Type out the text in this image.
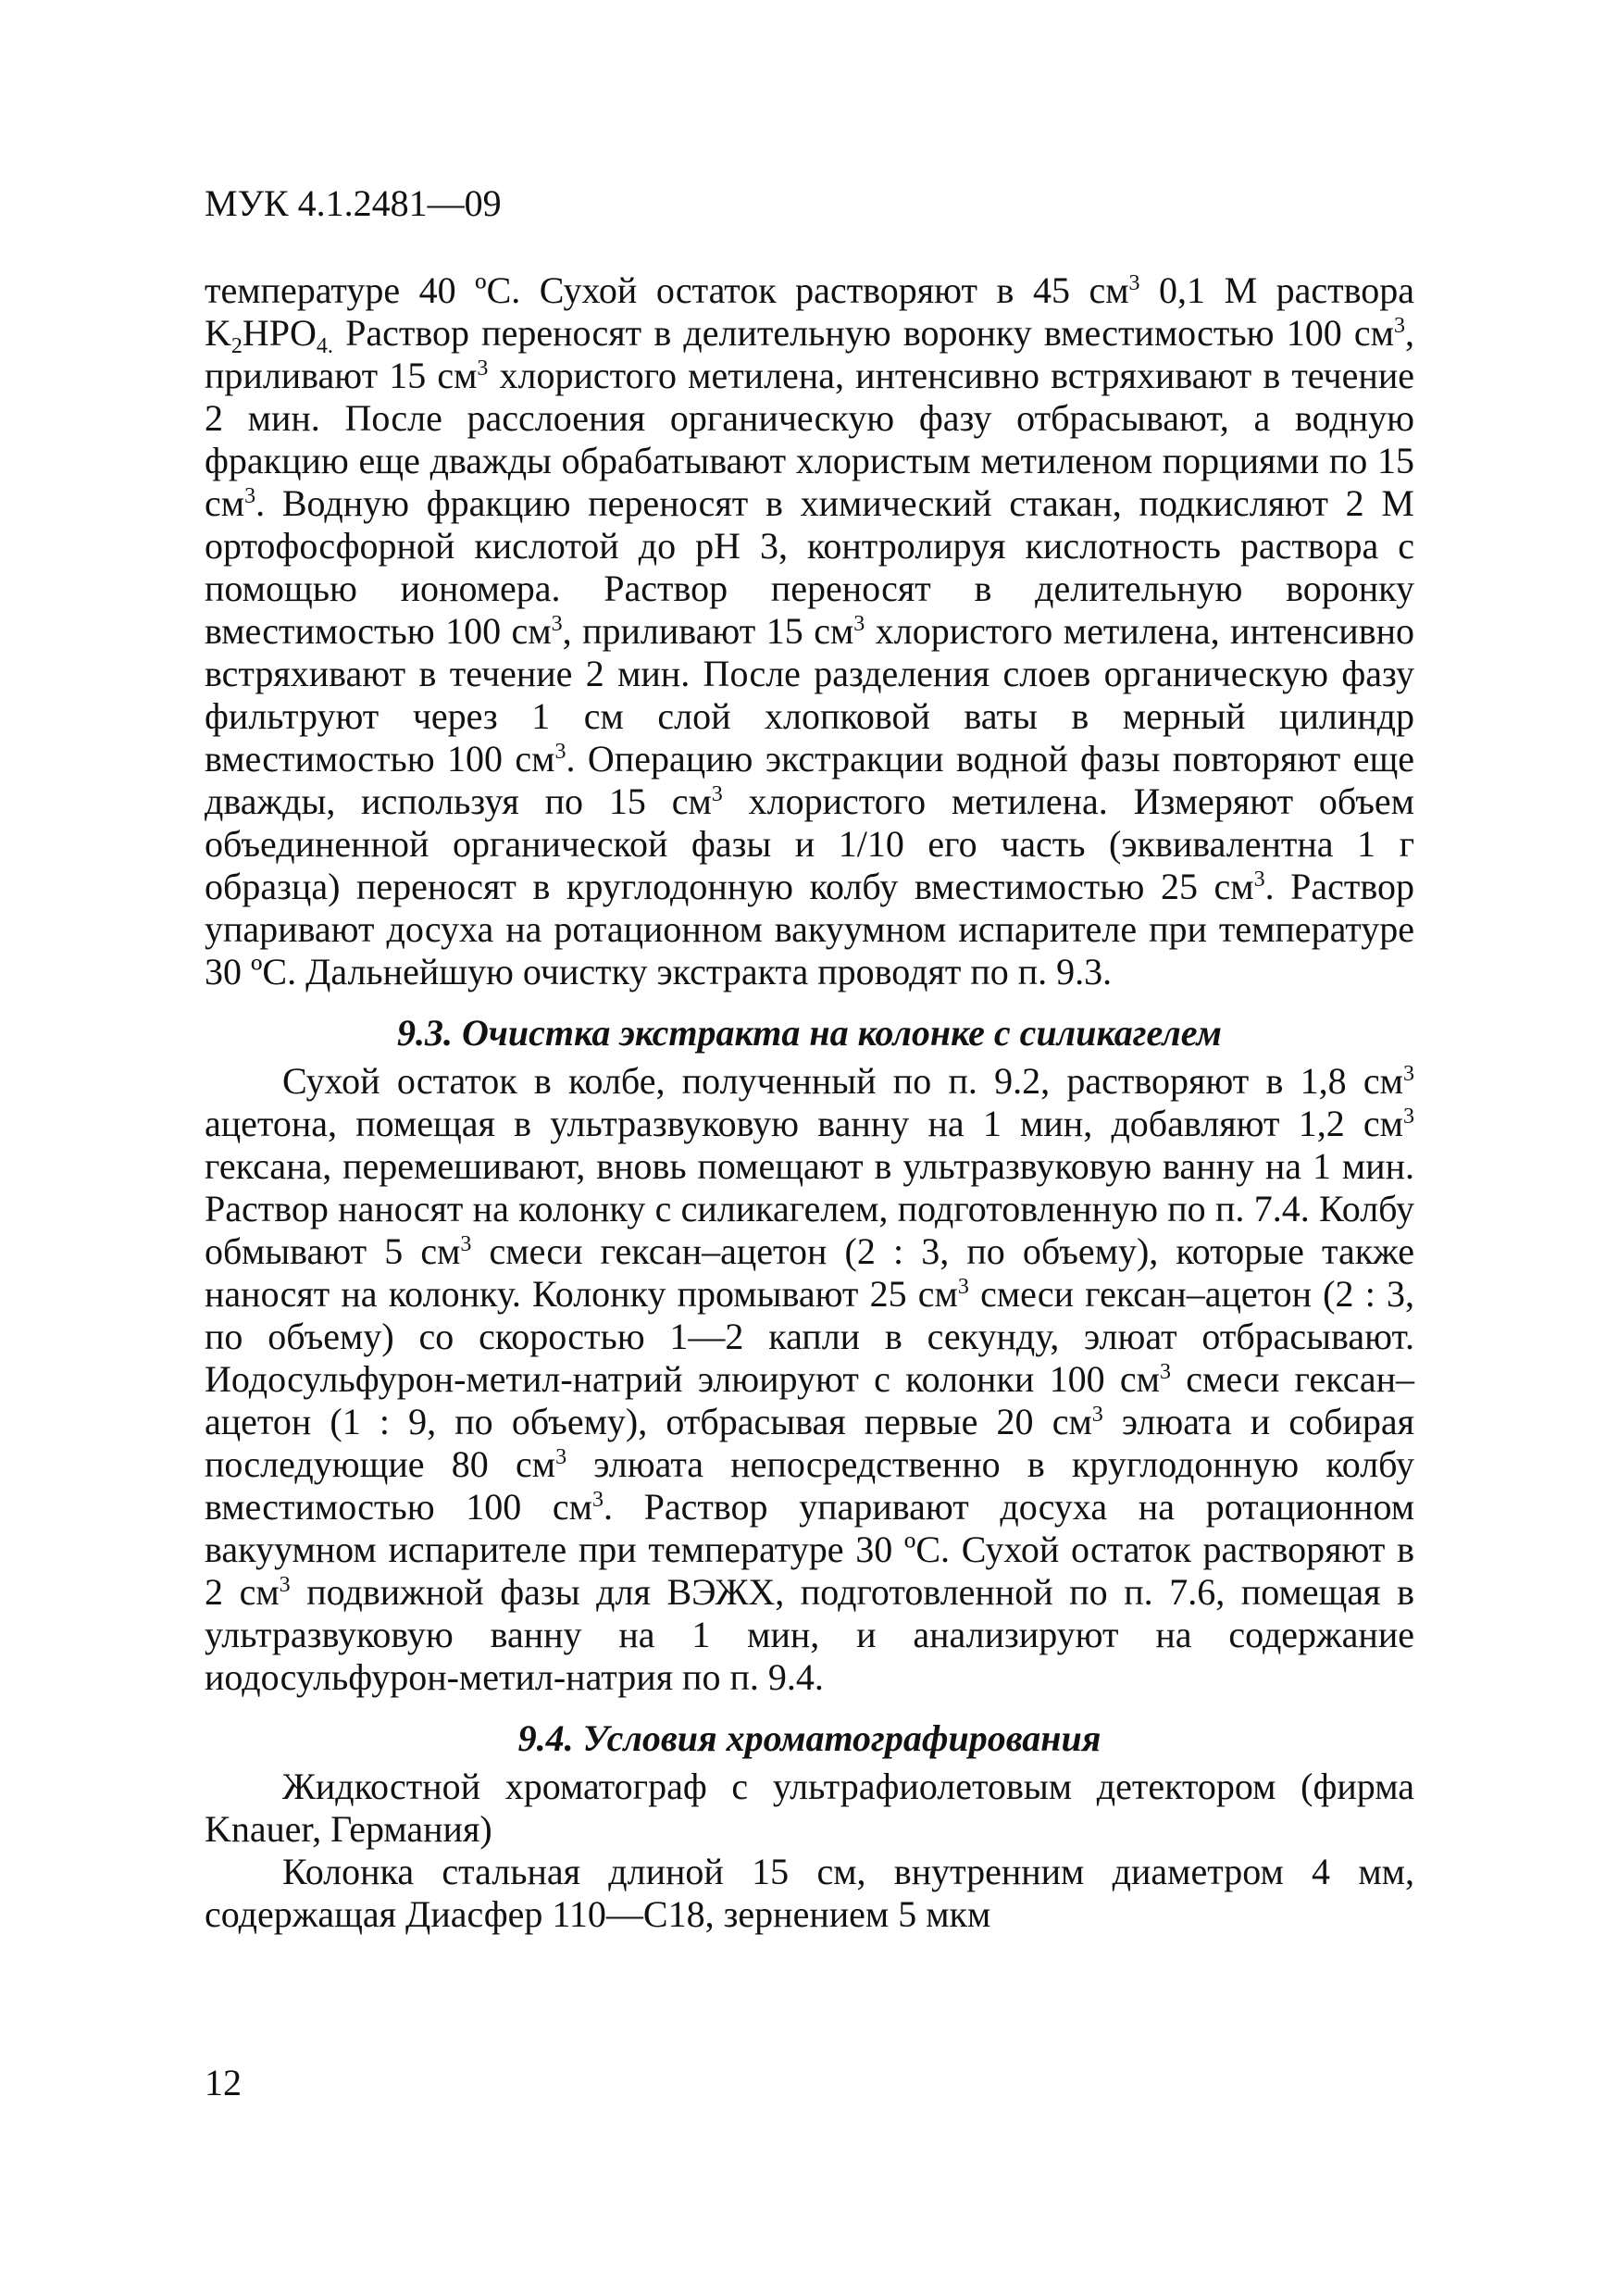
МУК 4.1.2481—09

температуре 40 ºС. Сухой остаток растворяют в 45 $см^3$ 0,1 М раствора $K_2HPO_{4.}$ Раствор переносят в делительную воронку вместимостью 100 $см^3$, приливают 15 $см^3$ хлористого метилена, интенсивно встряхивают в течение 2 мин. После расслоения органическую фазу отбрасывают, а водную фракцию еще дважды обрабатывают хлористым метиленом порциями по 15 $см^3$. Водную фракцию переносят в химический стакан, подкисляют 2 М ортофосфорной кислотой до рН 3, контролируя кислотность раствора с помощью иономера. Раствор переносят в делительную воронку вместимостью 100 $см^3$, приливают 15 $см^3$ хлористого метилена, интенсивно встряхивают в течение 2 мин. После разделения слоев органическую фазу фильтруют через 1 см слой хлопковой ваты в мерный цилиндр вместимостью 100 $см^3$. Операцию экстракции водной фазы повторяют еще дважды, используя по 15 $см^3$ хлористого метилена. Измеряют объем объединенной органической фазы и 1/10 его часть (эквивалентна 1 г образца) переносят в круглодонную колбу вместимостью 25 $см^3$. Раствор упаривают досуха на ротационном вакуумном испарителе при температуре 30 ºС. Дальнейшую очистку экстракта проводят по п. 9.3.

9.3. Очистка экстракта на колонке с силикагелем

Сухой остаток в колбе, полученный по п. 9.2, растворяют в 1,8 $см^3$ ацетона, помещая в ультразвуковую ванну на 1 мин, добавляют 1,2 $см^3$ гексана, перемешивают, вновь помещают в ультразвуковую ванну на 1 мин. Раствор наносят на колонку с силикагелем, подготовленную по п. 7.4. Колбу обмывают 5 $см^3$ смеси гексан–ацетон (2 : 3, по объему), которые также наносят на колонку. Колонку промывают 25 $см^3$ смеси гексан–ацетон (2 : 3, по объему) со скоростью 1—2 капли в секунду, элюат отбрасывают. Иодосульфурон-метил-натрий элюируют с колонки 100 $см^3$ смеси гексан–ацетон (1 : 9, по объему), отбрасывая первые 20 $см^3$ элюата и собирая последующие 80 $см^3$ элюата непосредственно в круглодонную колбу вместимостью 100 $см^3$. Раствор упаривают досуха на ротационном вакуумном испарителе при температуре 30 ºС. Сухой остаток растворяют в 2 $см^3$ подвижной фазы для ВЭЖХ, подготовленной по п. 7.6, помещая в ультразвуковую ванну на 1 мин, и анализируют на содержание иодосульфурон-метил-натрия по п. 9.4.

9.4. Условия хроматографирования

Жидкостной хроматограф с ультрафиолетовым детектором (фирма Knauer, Германия)

Колонка стальная длиной 15 см, внутренним диаметром 4 мм, содержащая Диасфер 110—C18, зернением 5 мкм

12
